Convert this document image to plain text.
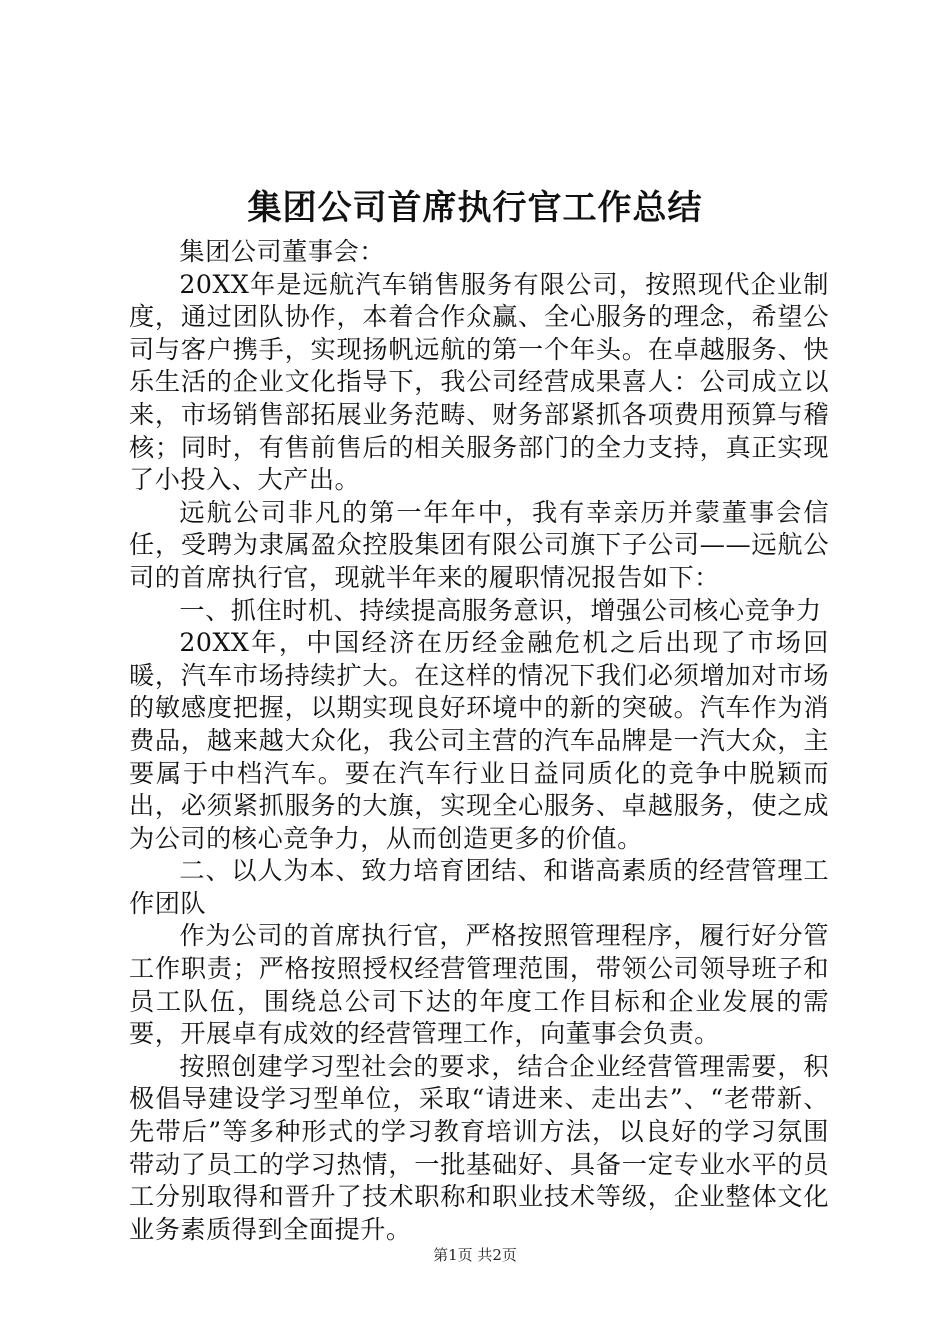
集团公司首席执行官工作总结

集团公司董事会：

20XX年是远航汽车销售服务有限公司，按照现代企业制度，通过团队协作，本着合作众赢、全心服务的理念，希望公司与客户携手，实现扬帆远航的第一个年头。在卓越服务、快乐生活的企业文化指导下，我公司经营成果喜人：公司成立以来，市场销售部拓展业务范畴、财务部紧抓各项费用预算与稽核；同时，有售前售后的相关服务部门的全力支持，真正实现了小投入、大产出。

远航公司非凡的第一年年中，我有幸亲历并蒙董事会信任，受聘为隶属盈众控股集团有限公司旗下子公司——远航公司的首席执行官，现就半年来的履职情况报告如下：

一、抓住时机、持续提高服务意识，增强公司核心竞争力

20XX年，中国经济在历经金融危机之后出现了市场回暖，汽车市场持续扩大。在这样的情况下我们必须增加对市场的敏感度把握，以期实现良好环境中的新的突破。汽车作为消费品，越来越大众化，我公司主营的汽车品牌是一汽大众，主要属于中档汽车。要在汽车行业日益同质化的竞争中脱颖而出，必须紧抓服务的大旗，实现全心服务、卓越服务，使之成为公司的核心竞争力，从而创造更多的价值。

二、以人为本、致力培育团结、和谐高素质的经营管理工作团队

作为公司的首席执行官，严格按照管理程序，履行好分管工作职责；严格按照授权经营管理范围，带领公司领导班子和员工队伍，围绕总公司下达的年度工作目标和企业发展的需要，开展卓有成效的经营管理工作，向董事会负责。

按照创建学习型社会的要求，结合企业经营管理需要，积极倡导建设学习型单位，采取“请进来、走出去”、“老带新、先带后”等多种形式的学习教育培训方法，以良好的学习氛围带动了员工的学习热情，一批基础好、具备一定专业水平的员工分别取得和晋升了技术职称和职业技术等级，企业整体文化业务素质得到全面提升。

第1页 共2页
